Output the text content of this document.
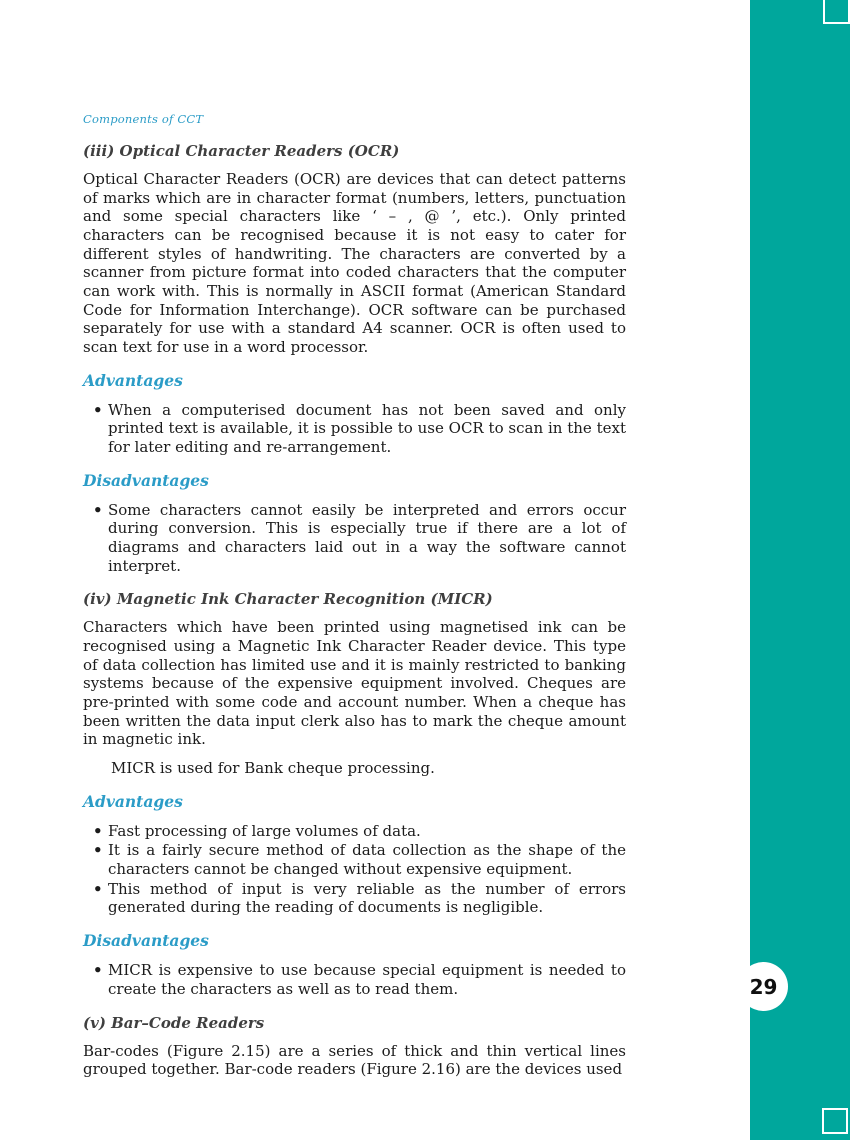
29
Components of CCT
(iii) Optical Character Readers (OCR)

Optical Character Readers (OCR) are devices that can detect patterns of marks which are in character format (numbers, letters, punctuation and some special characters like ‘ – , @ ’, etc.). Only printed characters can be recognised because it is not easy to cater for different styles of handwriting. The characters are converted by a scanner from picture format into coded characters that the computer can work with. This is normally in ASCII format (American Standard Code for Information Interchange). OCR software can be purchased separately for use with a standard A4 scanner. OCR is often used to scan text for use in a word processor.

Advantages
• When a computerised document has not been saved and only printed text is available, it is possible to use OCR to scan in the text for later editing and re-arrangement.
Disadvantages
• Some characters cannot easily be interpreted and errors occur during conversion. This is especially true if there are a lot of diagrams and characters laid out in a way the software cannot interpret.
(iv) Magnetic Ink Character Recognition (MICR)

Characters which have been printed using magnetised ink can be recognised using a Magnetic Ink Character Reader device. This type of data collection has limited use and it is mainly restricted to banking systems because of the expensive equipment involved. Cheques are pre-printed with some code and account number. When a cheque has been written the data input clerk also has to mark the cheque amount in magnetic ink.

MICR is used for Bank cheque processing.

Advantages
• Fast processing of large volumes of data.
• It is a fairly secure method of data collection as the shape of the characters cannot be changed without expensive equipment.
• This method of input is very reliable as the number of errors generated during the reading of documents is negligible.
Disadvantages
• MICR is expensive to use because special equipment is needed to create the characters as well as to read them.
(v) Bar–Code Readers

Bar-codes (Figure 2.15) are a series of thick and thin vertical lines grouped together. Bar-code readers (Figure 2.16) are the devices used
